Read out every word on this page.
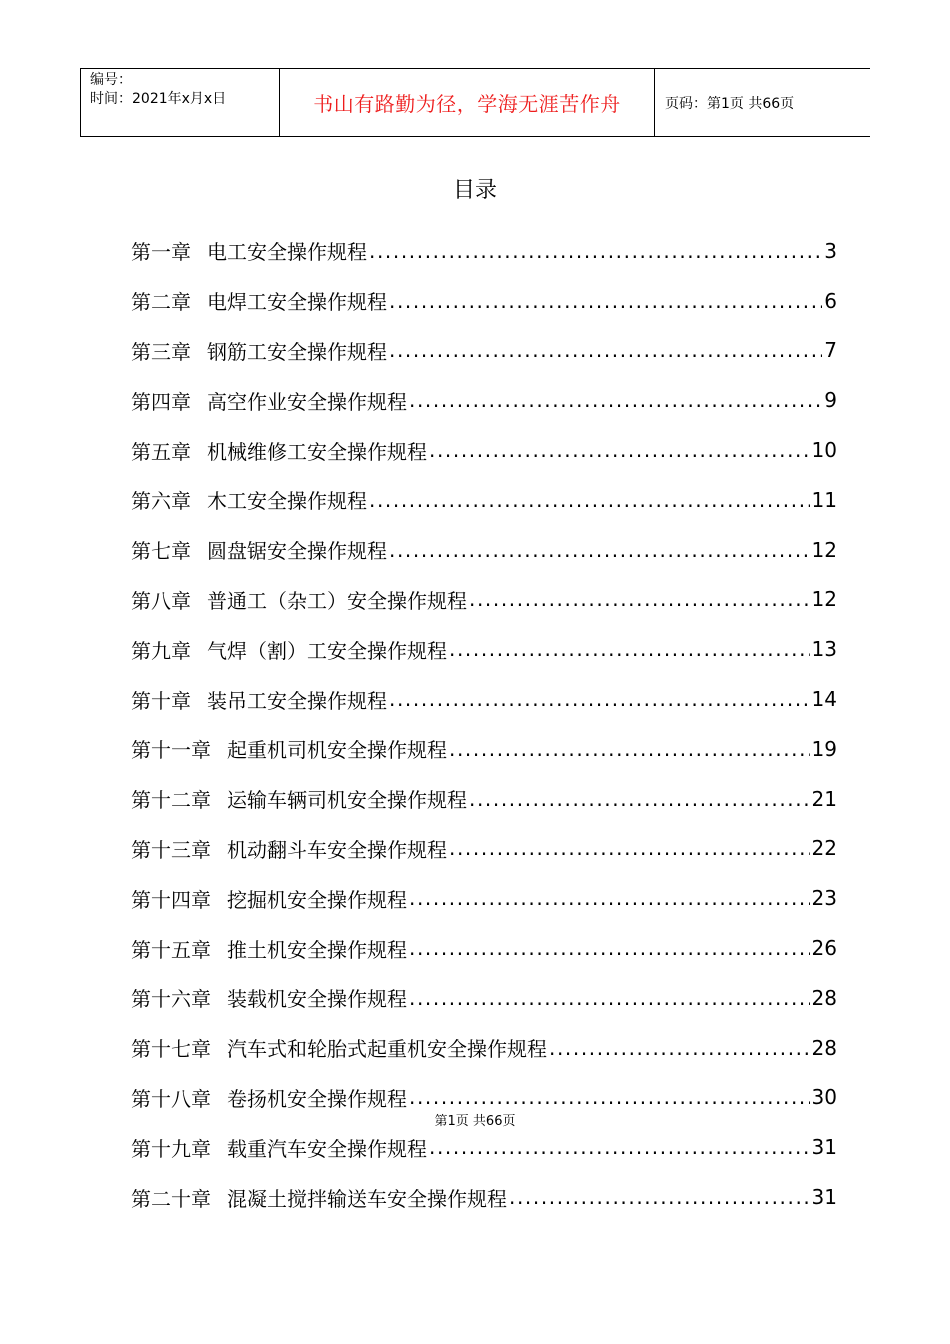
编号：
时间：2021年x月x日	书山有路勤为径，学海无涯苦作舟	页码：第1页 共66页
目录
第一章 电工安全操作规程 .....	3
第二章 电焊工安全操作规程 .....	6
第三章 钢筋工安全操作规程 .....	7
第四章 高空作业安全操作规程 .....	9
第五章 机械维修工安全操作规程 .....	10
第六章 木工安全操作规程 .....	11
第七章 圆盘锯安全操作规程 .....	12
第八章 普通工（杂工）安全操作规程 .....	12
第九章 气焊（割）工安全操作规程 .....	13
第十章 装吊工安全操作规程 .....	14
第十一章 起重机司机安全操作规程 .....	19
第十二章 运输车辆司机安全操作规程 .....	21
第十三章 机动翻斗车安全操作规程 .....	22
第十四章 挖掘机安全操作规程 .....	23
第十五章 推土机安全操作规程 .....	26
第十六章 装载机安全操作规程 .....	28
第十七章 汽车式和轮胎式起重机安全操作规程 .....	28
第十八章 卷扬机安全操作规程 .....	30
第十九章 载重汽车安全操作规程 .....	31
第二十章 混凝土搅拌输送车安全操作规程 .....	31
第1页 共66页
